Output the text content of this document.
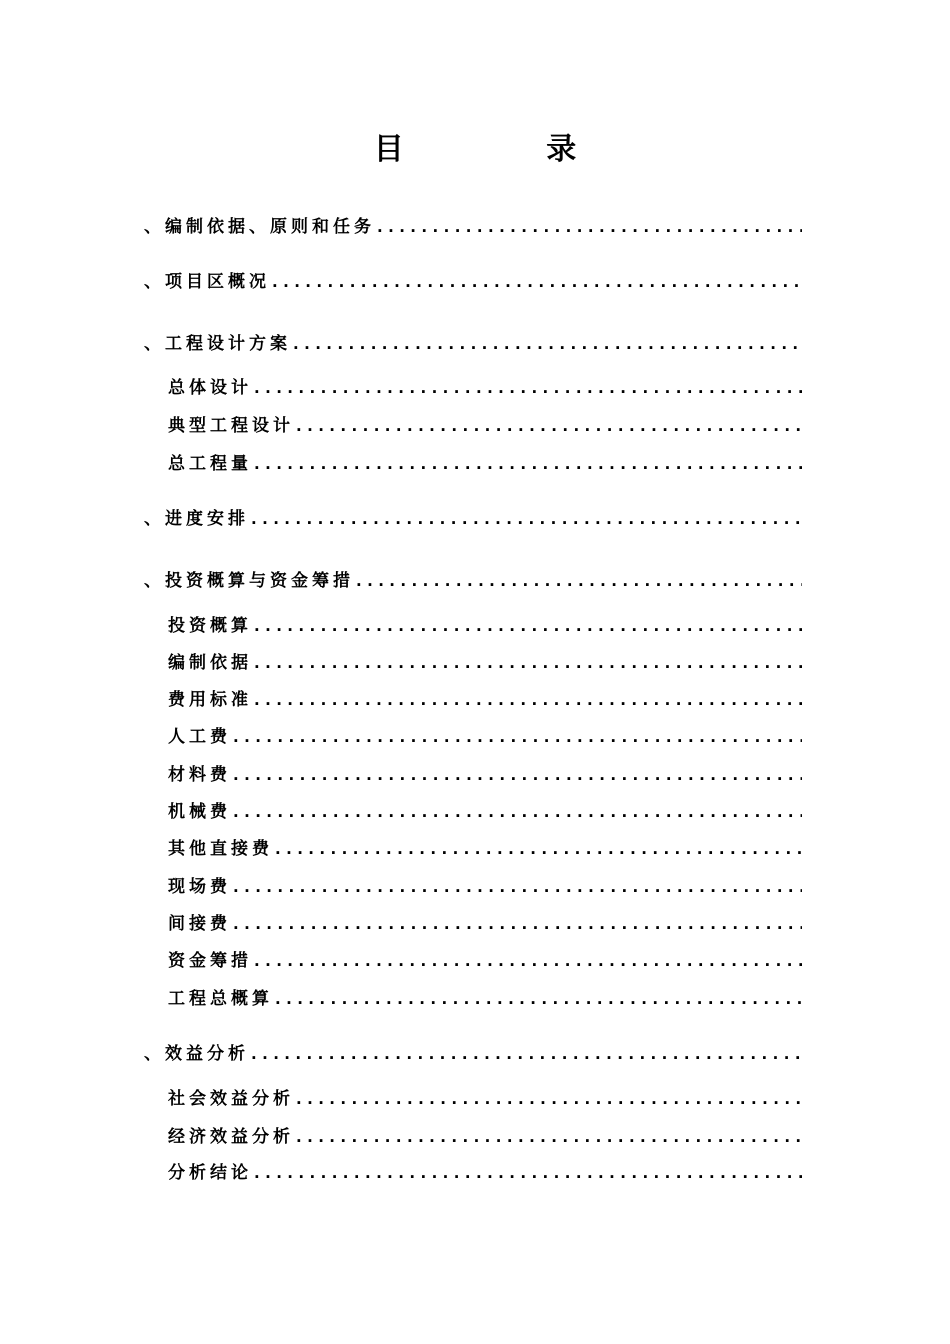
目 录
、编制依据、原则和任务
.....
、项目区概况
.....
、工程设计方案
.....
总体设计
.....
典型工程设计
.....
总工程量
.....
、进度安排
.....
、投资概算与资金筹措
.....
投资概算
.....
编制依据
.....
费用标准
.....
人工费
.....
材料费
.....
机械费
.....
其他直接费
.....
现场费
.....
间接费
.....
资金筹措
.....
工程总概算
.....
、效益分析
.....
社会效益分析
.....
经济效益分析
.....
分析结论
.....
